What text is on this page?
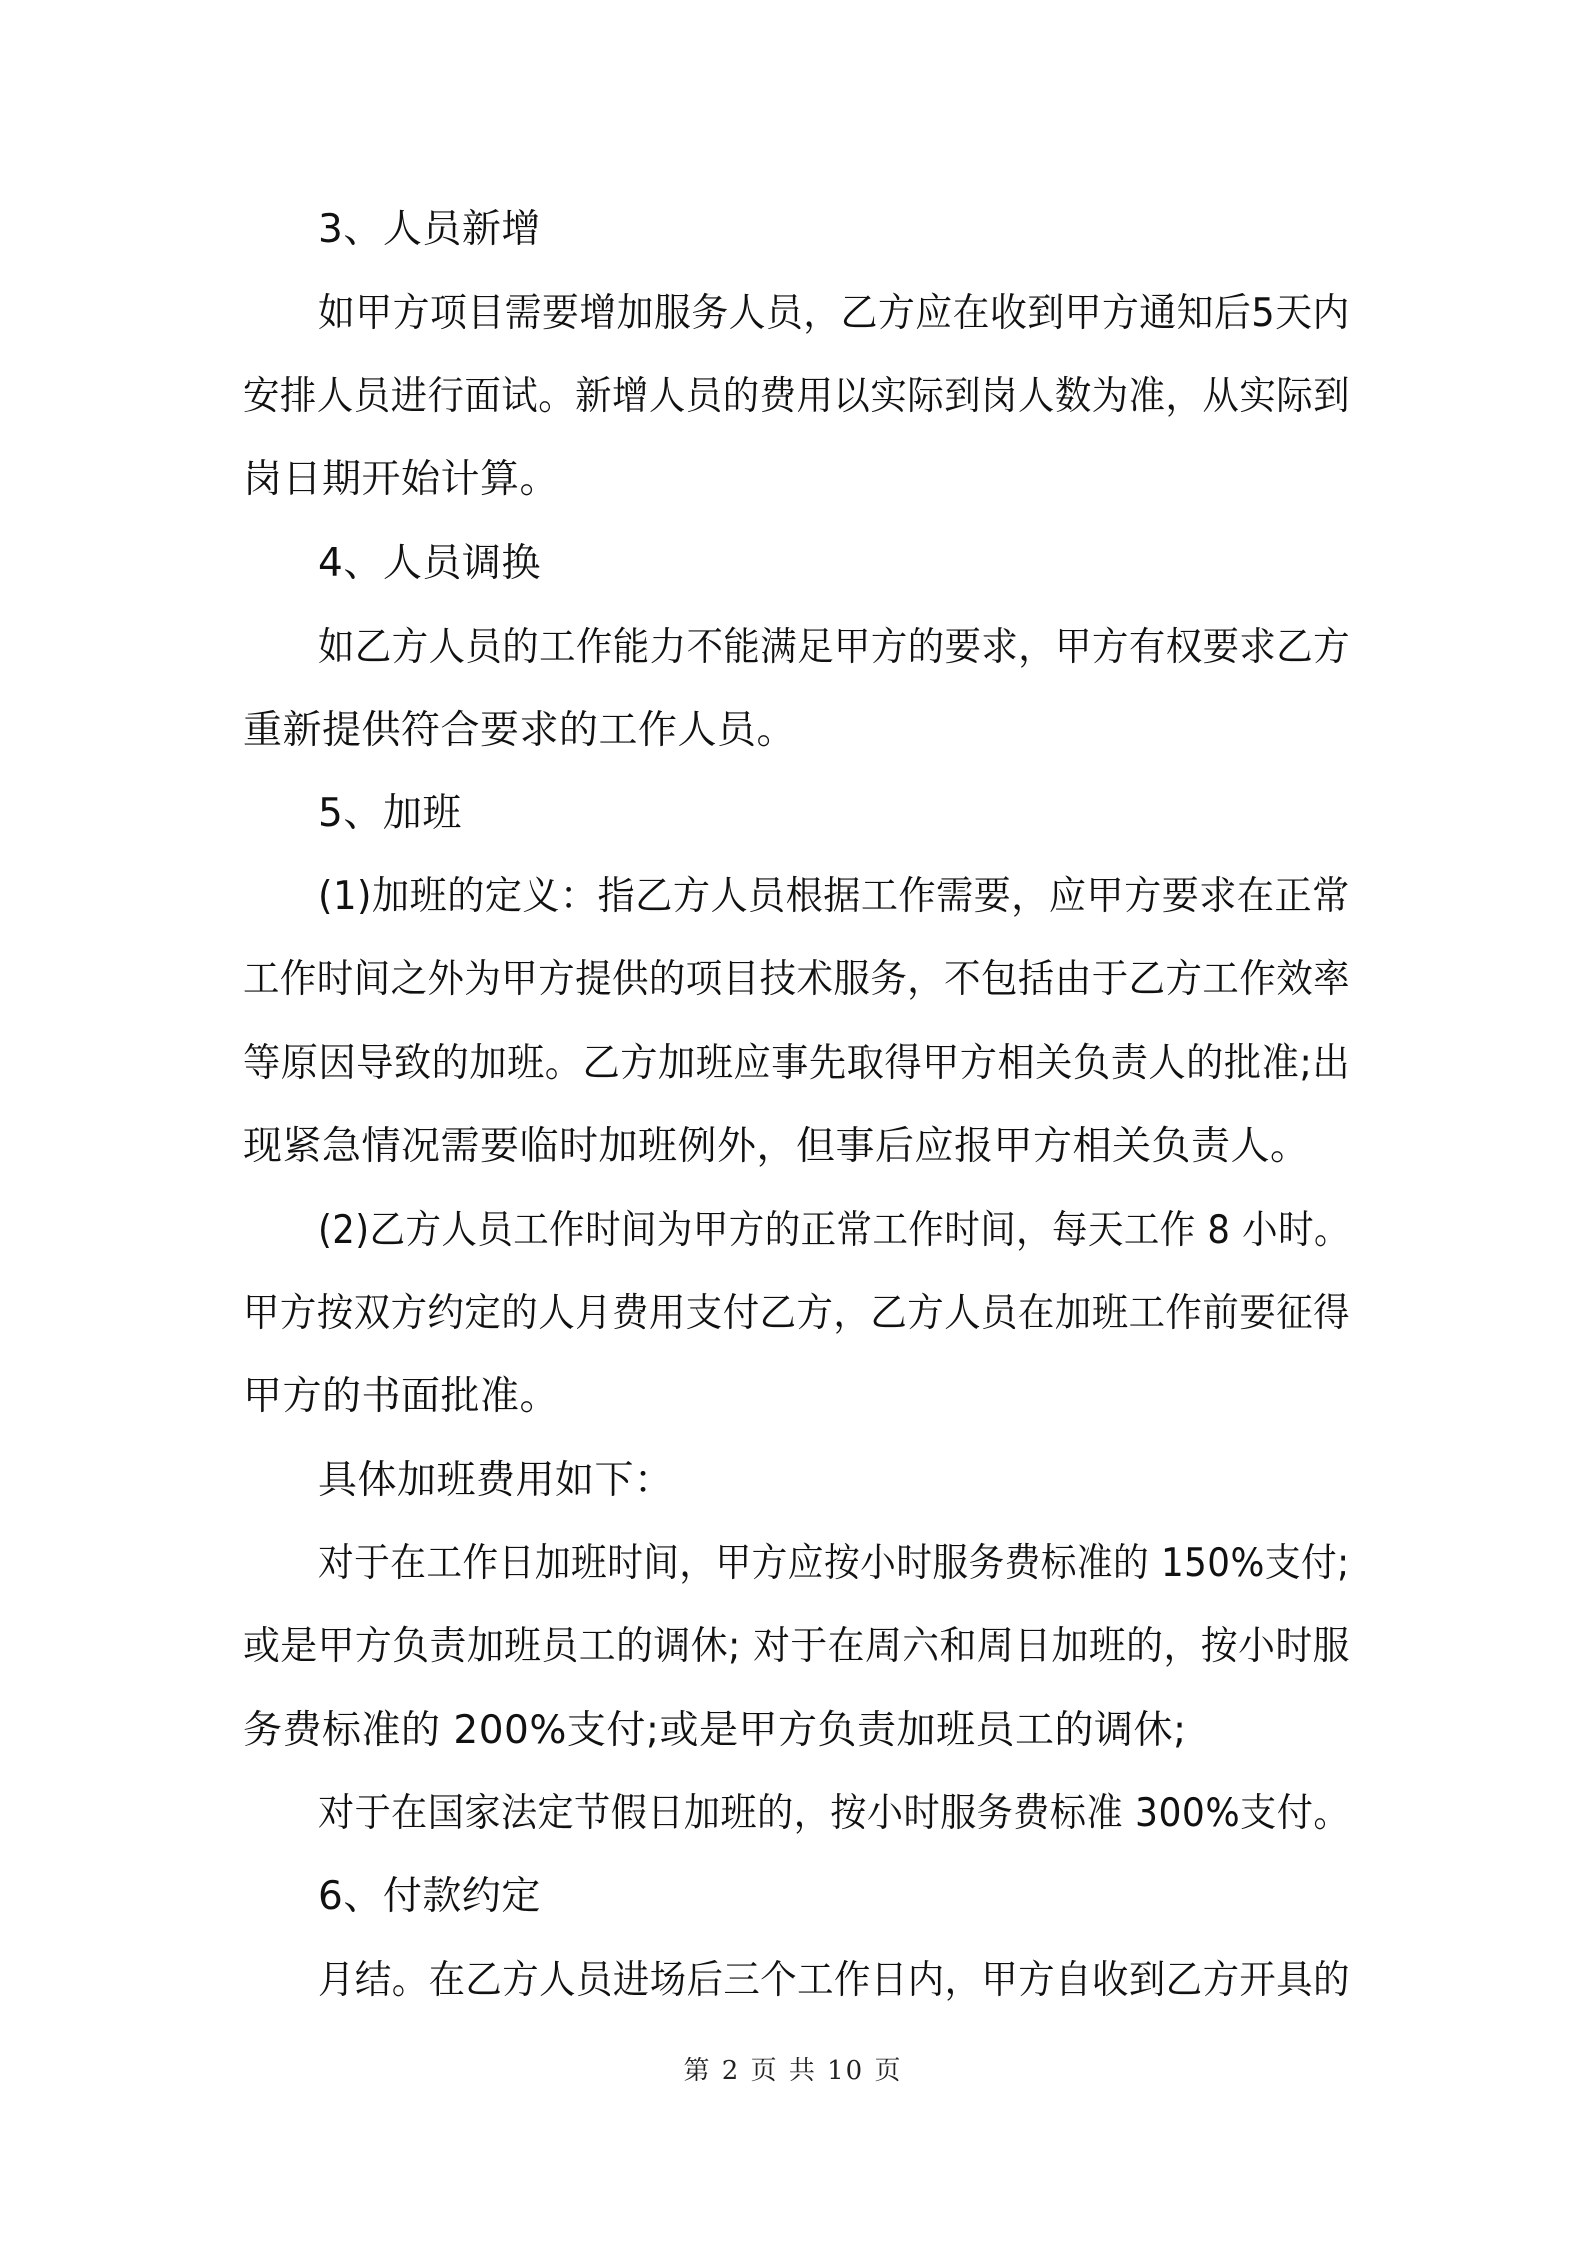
3、人员新增
如甲方项目需要增加服务人员，乙方应在收到甲方通知后5天内
安排人员进行面试。新增人员的费用以实际到岗人数为准，从实际到
岗日期开始计算。
4、人员调换
如乙方人员的工作能力不能满足甲方的要求，甲方有权要求乙方
重新提供符合要求的工作人员。
5、加班
(1)加班的定义：指乙方人员根据工作需要，应甲方要求在正常
工作时间之外为甲方提供的项目技术服务，不包括由于乙方工作效率
等原因导致的加班。乙方加班应事先取得甲方相关负责人的批准;出
现紧急情况需要临时加班例外，但事后应报甲方相关负责人。
(2)乙方人员工作时间为甲方的正常工作时间，每天工作 8 小时。
甲方按双方约定的人月费用支付乙方，乙方人员在加班工作前要征得
甲方的书面批准。
具体加班费用如下：
对于在工作日加班时间，甲方应按小时服务费标准的 150%支付;
或是甲方负责加班员工的调休; 对于在周六和周日加班的，按小时服
务费标准的 200%支付;或是甲方负责加班员工的调休;
对于在国家法定节假日加班的，按小时服务费标准 300%支付。
6、付款约定
月结。在乙方人员进场后三个工作日内，甲方自收到乙方开具的
第 2 页 共 10 页
